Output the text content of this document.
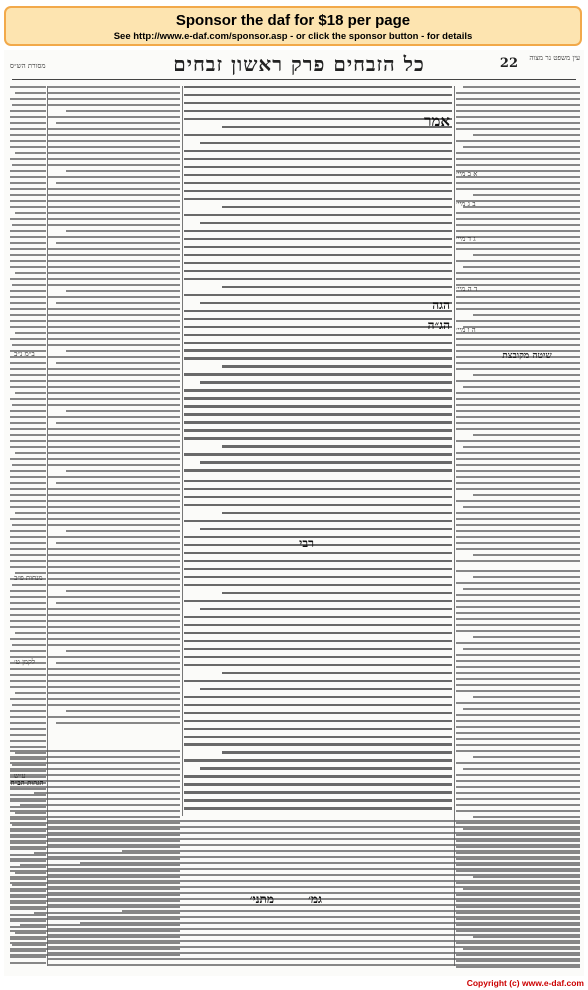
Sponsor the daf for $18 per page
See http://www.e-daf.com/sponsor.asp - or click the sponsor button - for details
מסורת הש״ס	כל הזבחים פרק ראשון זבחים	22	עין משפט נר מצוה
אמר
הגה
הג״ה
רבי
מתני׳	גמ׳
א ב מיי׳
ב ג מיי׳
ג ד מיי׳
ד ה מיי׳
ה ו מיי׳
ב״מ נ״ב
מנחות פ״ב
לקמן ט׳
ע״ש
שיטה מקובצת
הגהות הב״ח
Copyright (c) www.e-daf.com
